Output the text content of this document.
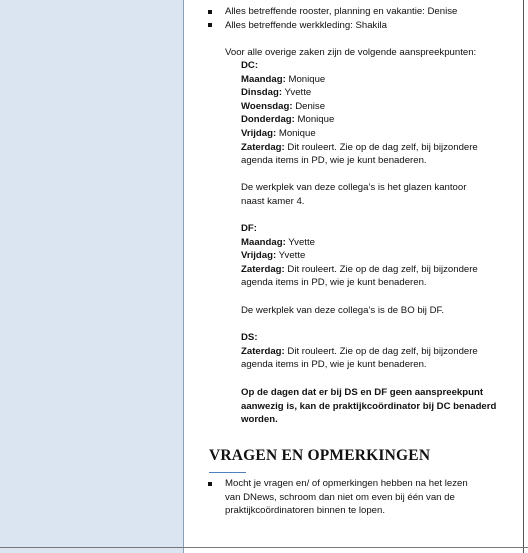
Alles betreffende rooster, planning en vakantie: Denise
Alles betreffende werkkleding: Shakila
Voor alle overige zaken zijn de volgende aanspreekpunten:
DC:
Maandag: Monique
Dinsdag: Yvette
Woensdag: Denise
Donderdag: Monique
Vrijdag: Monique
Zaterdag: Dit rouleert. Zie op de dag zelf, bij bijzondere
agenda items in PD, wie je kunt benaderen.

De werkplek van deze collega’s is het glazen kantoor
naast kamer 4.
DF:
Maandag: Yvette
Vrijdag: Yvette
Zaterdag: Dit rouleert. Zie op de dag zelf, bij bijzondere
agenda items in PD, wie je kunt benaderen.

De werkplek van deze collega’s is de BO bij DF.
DS:
Zaterdag: Dit rouleert. Zie op de dag zelf, bij bijzondere
agenda items in PD, wie je kunt benaderen.
Op de dagen dat er bij DS en DF geen aanspreekpunt
aanwezig is, kan de praktijkcoördinator bij DC benaderd
worden.
VRAGEN EN OPMERKINGEN
Mocht je vragen en/ of opmerkingen hebben na het lezen
van DNews, schroom dan niet om even bij één van de
praktijkcoördinatoren binnen te lopen.
